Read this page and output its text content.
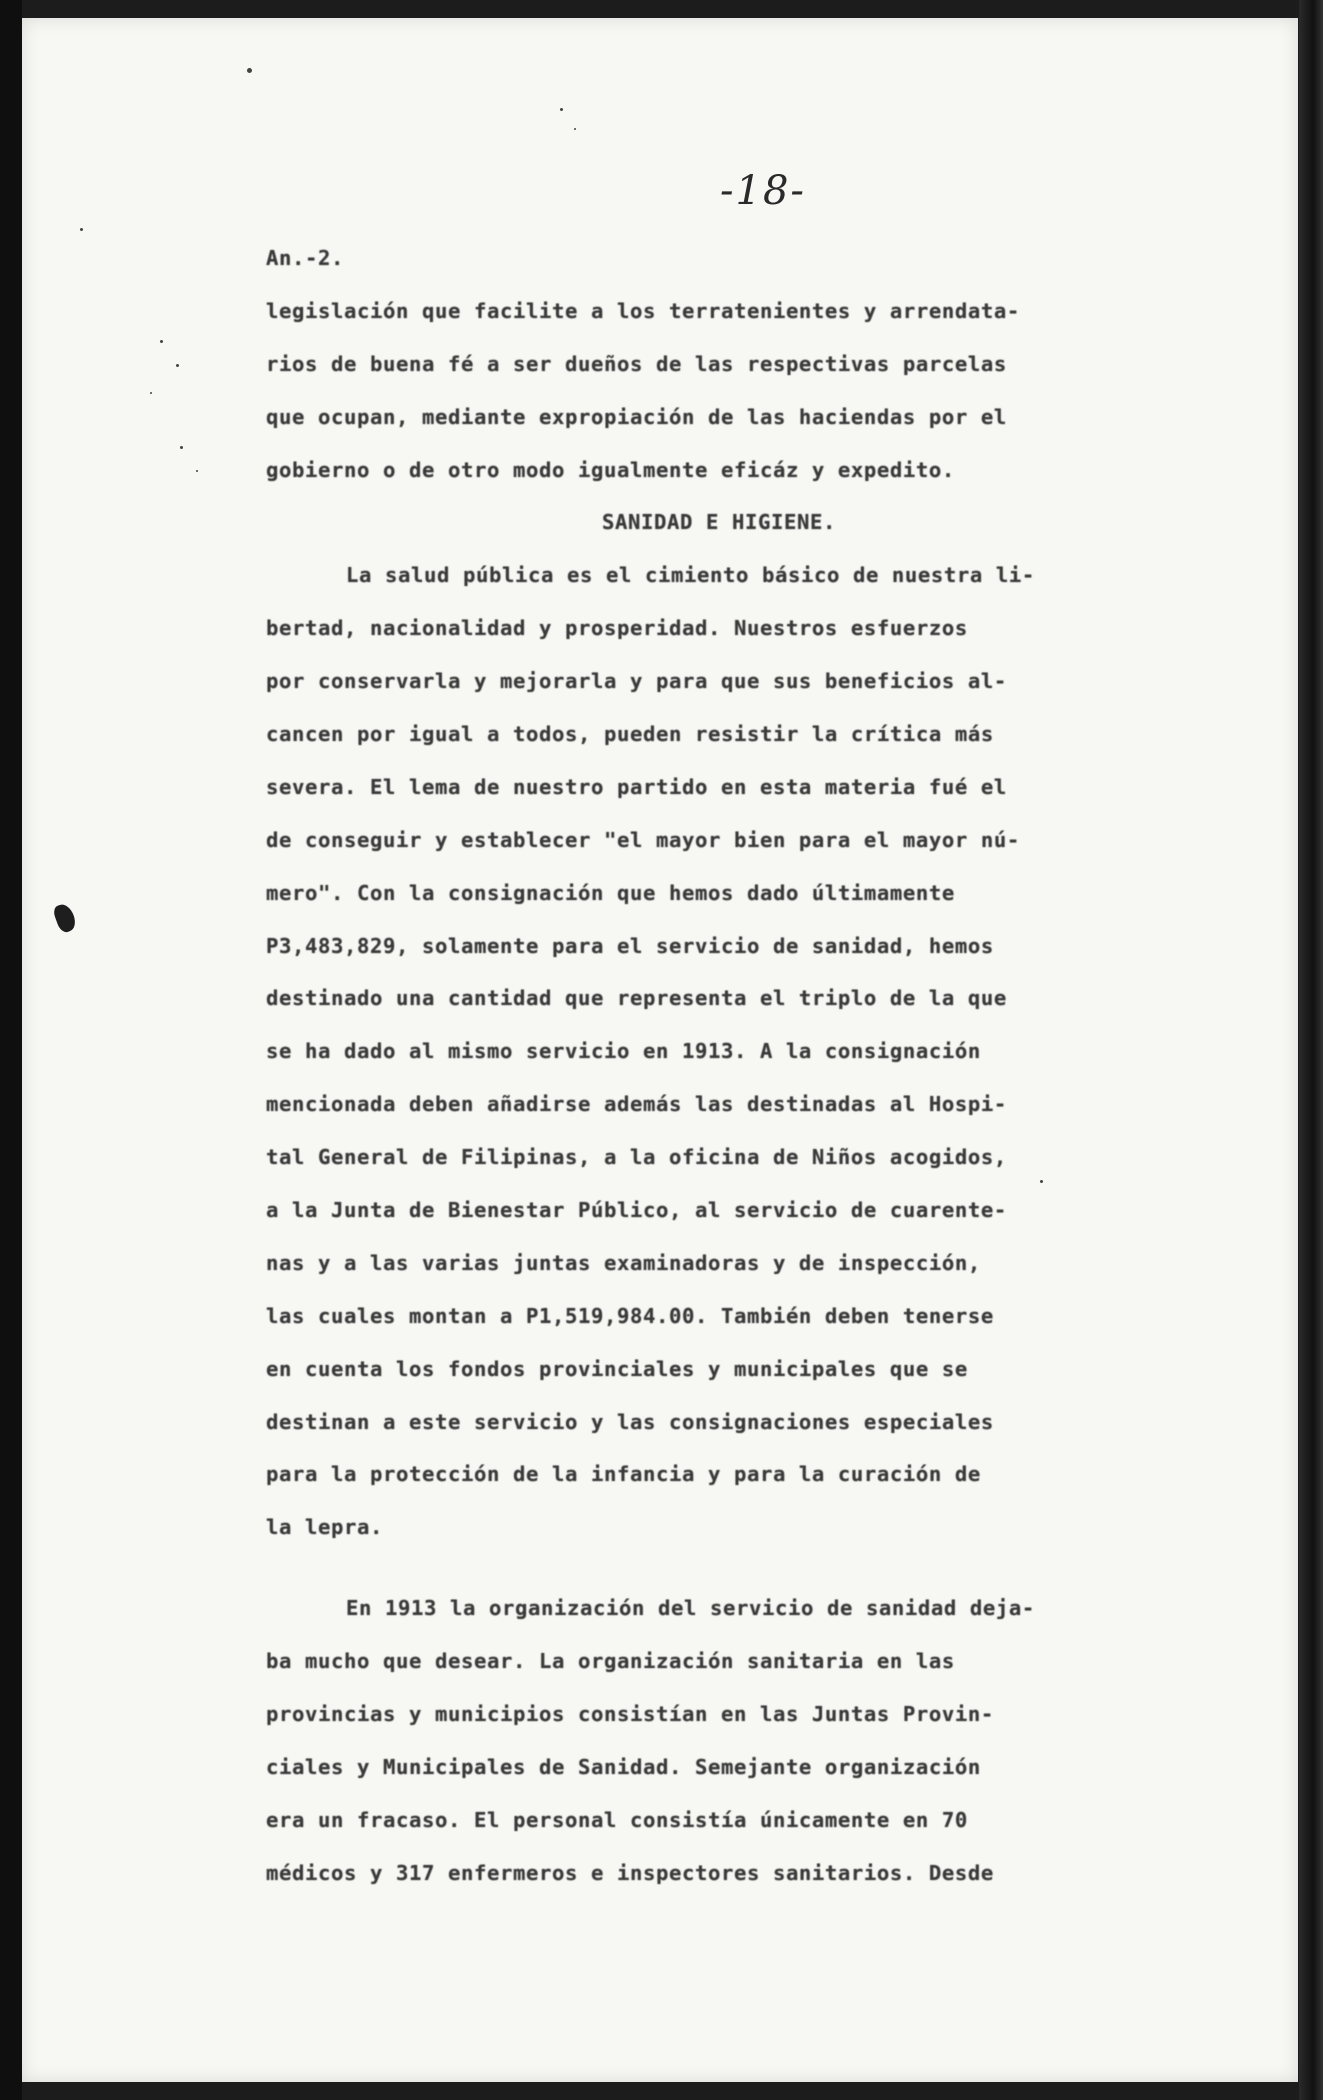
-18-
An.-2.
legislación que facilite a los terratenientes y arrendata-
rios de buena fé a ser dueños de las respectivas parcelas
que ocupan, mediante expropiación de las haciendas por el
gobierno o de otro modo igualmente eficáz y expedito.
SANIDAD E HIGIENE.
La salud pública es el cimiento básico de nuestra li-
bertad, nacionalidad y prosperidad. Nuestros esfuerzos
por conservarla y mejorarla y para que sus beneficios al-
cancen por igual a todos, pueden resistir la crítica más
severa. El lema de nuestro partido en esta materia fué el
de conseguir y establecer "el mayor bien para el mayor nú-
mero". Con la consignación que hemos dado últimamente
P3,483,829, solamente para el servicio de sanidad, hemos
destinado una cantidad que representa el triplo de la que
se ha dado al mismo servicio en 1913. A la consignación
mencionada deben añadirse además las destinadas al Hospi-
tal General de Filipinas, a la oficina de Niños acogidos,
a la Junta de Bienestar Público, al servicio de cuarente-
nas y a las varias juntas examinadoras y de inspección,
las cuales montan a P1,519,984.00. También deben tenerse
en cuenta los fondos provinciales y municipales que se
destinan a este servicio y las consignaciones especiales
para la protección de la infancia y para la curación de
la lepra.
En 1913 la organización del servicio de sanidad deja-
ba mucho que desear. La organización sanitaria en las
provincias y municipios consistían en las Juntas Provin-
ciales y Municipales de Sanidad. Semejante organización
era un fracaso. El personal consistía únicamente en 70
médicos y 317 enfermeros e inspectores sanitarios. Desde
